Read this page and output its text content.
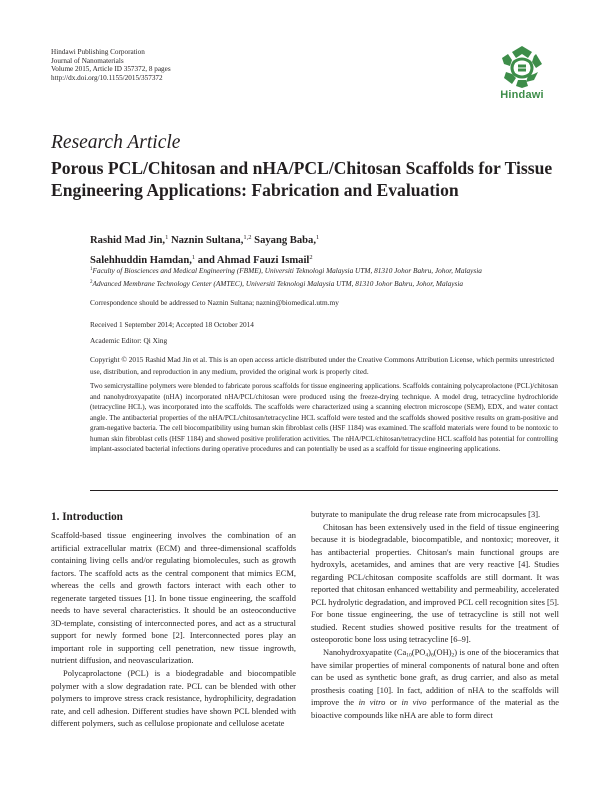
Hindawi Publishing Corporation
Journal of Nanomaterials
Volume 2015, Article ID 357372, 8 pages
http://dx.doi.org/10.1155/2015/357372
Hindawi
Research Article
Porous PCL/Chitosan and nHA/PCL/Chitosan Scaffolds for Tissue Engineering Applications: Fabrication and Evaluation
Rashid Mad Jin,$^1$ Naznin Sultana,$^{1,2}$ Sayang Baba,$^1$
Salehhuddin Hamdan,$^1$ and Ahmad Fauzi Ismail$^2$
$^1$Faculty of Biosciences and Medical Engineering (FBME), Universiti Teknologi Malaysia UTM, 81310 Johor Bahru, Johor, Malaysia
$^2$Advanced Membrane Technology Center (AMTEC), Universiti Teknologi Malaysia UTM, 81310 Johor Bahru, Johor, Malaysia
Correspondence should be addressed to Naznin Sultana; naznin@biomedical.utm.my
Received 1 September 2014; Accepted 18 October 2014
Academic Editor: Qi Xing
Copyright © 2015 Rashid Mad Jin et al. This is an open access article distributed under the Creative Commons Attribution License, which permits unrestricted use, distribution, and reproduction in any medium, provided the original work is properly cited.
Two semicrystalline polymers were blended to fabricate porous scaffolds for tissue engineering applications. Scaffolds containing polycaprolactone (PCL)/chitosan and nanohydroxyapatite (nHA) incorporated nHA/PCL/chitosan were produced using the freeze-drying technique. A model drug, tetracycline hydrochloride (tetracycline HCL), was incorporated into the scaffolds. The scaffolds were characterized using a scanning electron microscope (SEM), EDX, and water contact angle. The antibacterial properties of the nHA/PCL/chitosan/tetracycline HCL scaffold were tested and the scaffolds showed positive results on gram-positive and gram-negative bacteria. The cell biocompatibility using human skin fibroblast cells (HSF 1184) was examined. The scaffold materials were found to be nontoxic to human skin fibroblast cells (HSF 1184) and showed positive proliferation activities. The nHA/PCL/chitosan/tetracycline HCL scaffold has potential for controlling implant-associated bacterial infections during operative procedures and can potentially be used as a scaffold for tissue engineering applications.
1. Introduction

Scaffold-based tissue engineering involves the combination of an artificial extracellular matrix (ECM) and three-dimensional scaffolds containing living cells and/or regulating biomolecules, such as growth factors. The scaffold acts as the central component that mimics ECM, whereas the cells and growth factors interact with each other to regenerate targeted tissues [1]. In bone tissue engineering, the scaffold needs to have several characteristics. It should be an osteoconductive 3D-template, consisting of interconnected pores, and act as a structural support for newly formed bone [2]. Interconnected pores play an important role in supporting cell penetration, new tissue ingrowth, nutrient diffusion, and neovascularization.

Polycaprolactone (PCL) is a biodegradable and biocompatible polymer with a slow degradation rate. PCL can be blended with other polymers to improve stress crack resistance, hydrophilicity, degradation rate, and cell adhesion. Different studies have shown PCL blended with different polymers, such as cellulose propionate and cellulose acetate

butyrate to manipulate the drug release rate from microcapsules [3].

Chitosan has been extensively used in the field of tissue engineering because it is biodegradable, biocompatible, and nontoxic; moreover, it has antibacterial properties. Chitosan's main functional groups are hydroxyls, acetamides, and amines that are very reactive [4]. Studies regarding PCL/chitosan composite scaffolds are still dormant. It was reported that chitosan enhanced wettability and permeability, accelerated PCL hydrolytic degradation, and improved PCL cell recognition sites [5]. For bone tissue engineering, the use of tetracycline is still not well studied. Recent studies showed positive results for the treatment of osteoporotic bone loss using tetracycline [6–9].

Nanohydroxyapatite $(Ca_{10}(PO_4)_6(OH)_2)$ is one of the bioceramics that have similar properties of mineral components of natural bone and often can be used as synthetic bone graft, as drug carrier, and also as metal prosthesis coating [10]. In fact, addition of nHA to the scaffolds will improve the in vitro or in vivo performance of the material as the bioactive compounds like nHA are able to form direct
